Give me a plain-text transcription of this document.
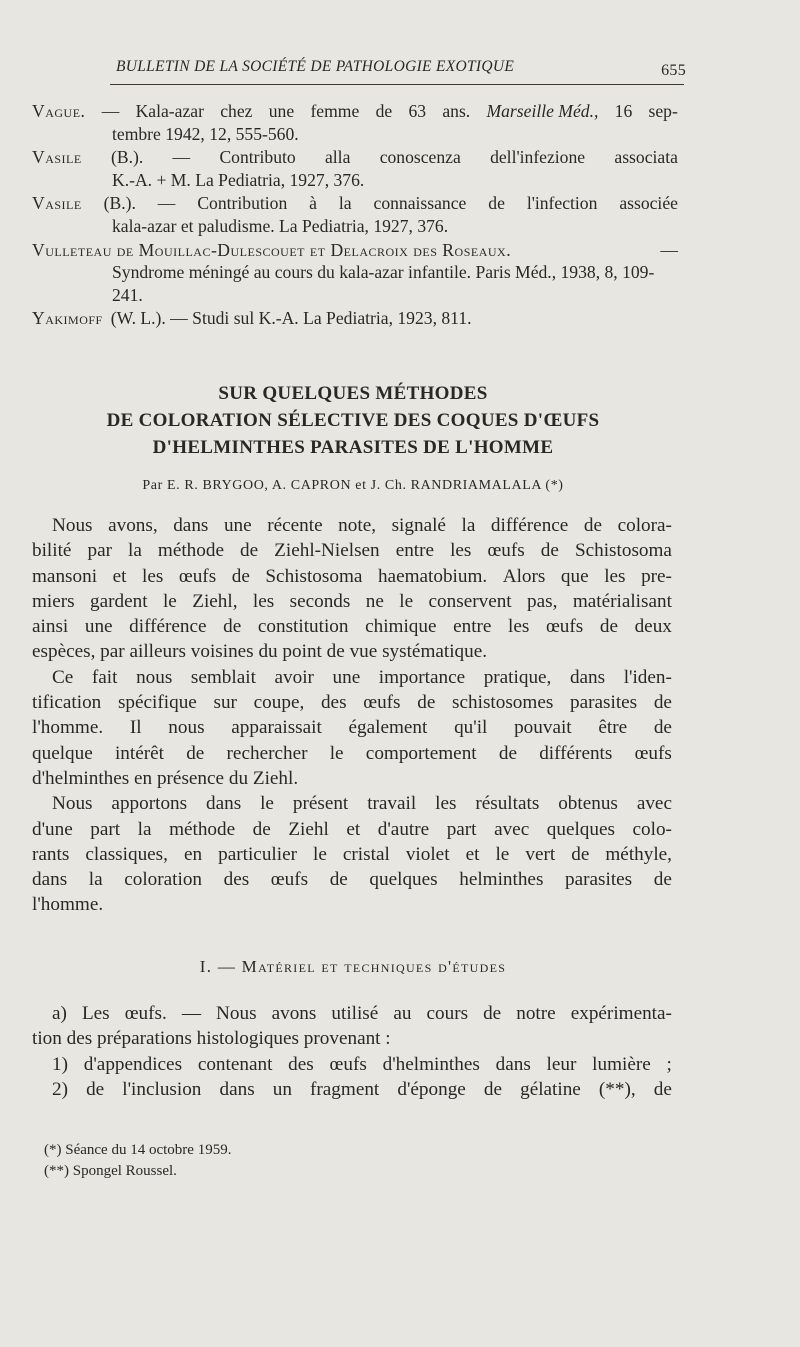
BULLETIN DE LA SOCIÉTÉ DE PATHOLOGIE EXOTIQUE	655
Vague. — Kala-azar chez une femme de 63 ans. Marseille Méd., 16 sep-
tembre 1942, 12, 555-560.
Vasile (B.). — Contributo alla conoscenza dell'infezione associata
K.-A. + M. La Pediatria, 1927, 376.
Vasile (B.). — Contribution à la connaissance de l'infection associée
kala-azar et paludisme. La Pediatria, 1927, 376.
Vulleteau de Mouillac-Dulescouet et Delacroix des Roseaux.	—
Syndrome méningé au cours du kala-azar infantile. Paris Méd., 1938, 8, 109-241.
Yakimoff (W. L.). — Studi sul K.-A. La Pediatria, 1923, 811.
SUR QUELQUES MÉTHODES
DE COLORATION SÉLECTIVE DES COQUES D'ŒUFS
D'HELMINTHES PARASITES DE L'HOMME
Par E. R. BRYGOO, A. CAPRON et J. Ch. RANDRIAMALALA (*)
Nous avons, dans une récente note, signalé la différence de colora-
bilité par la méthode de Ziehl-Nielsen entre les œufs de Schistosoma
mansoni et les œufs de Schistosoma haematobium. Alors que les pre-
miers gardent le Ziehl, les seconds ne le conservent pas, matérialisant
ainsi une différence de constitution chimique entre les œufs de deux
espèces, par ailleurs voisines du point de vue systématique.
Ce fait nous semblait avoir une importance pratique, dans l'iden-
tification spécifique sur coupe, des œufs de schistosomes parasites de
l'homme. Il nous apparaissait également qu'il pouvait être de
quelque intérêt de rechercher le comportement de différents œufs
d'helminthes en présence du Ziehl.
Nous apportons dans le présent travail les résultats obtenus avec
d'une part la méthode de Ziehl et d'autre part avec quelques colo-
rants classiques, en particulier le cristal violet et le vert de méthyle,
dans la coloration des œufs de quelques helminthes parasites de
l'homme.
I. — Matériel et techniques d'études
a) Les œufs. — Nous avons utilisé au cours de notre expérimenta-
tion des préparations histologiques provenant :
1) d'appendices contenant des œufs d'helminthes dans leur lumière ;
2) de l'inclusion dans un fragment d'éponge de gélatine (**), de
(*) Séance du 14 octobre 1959.
(**) Spongel Roussel.
